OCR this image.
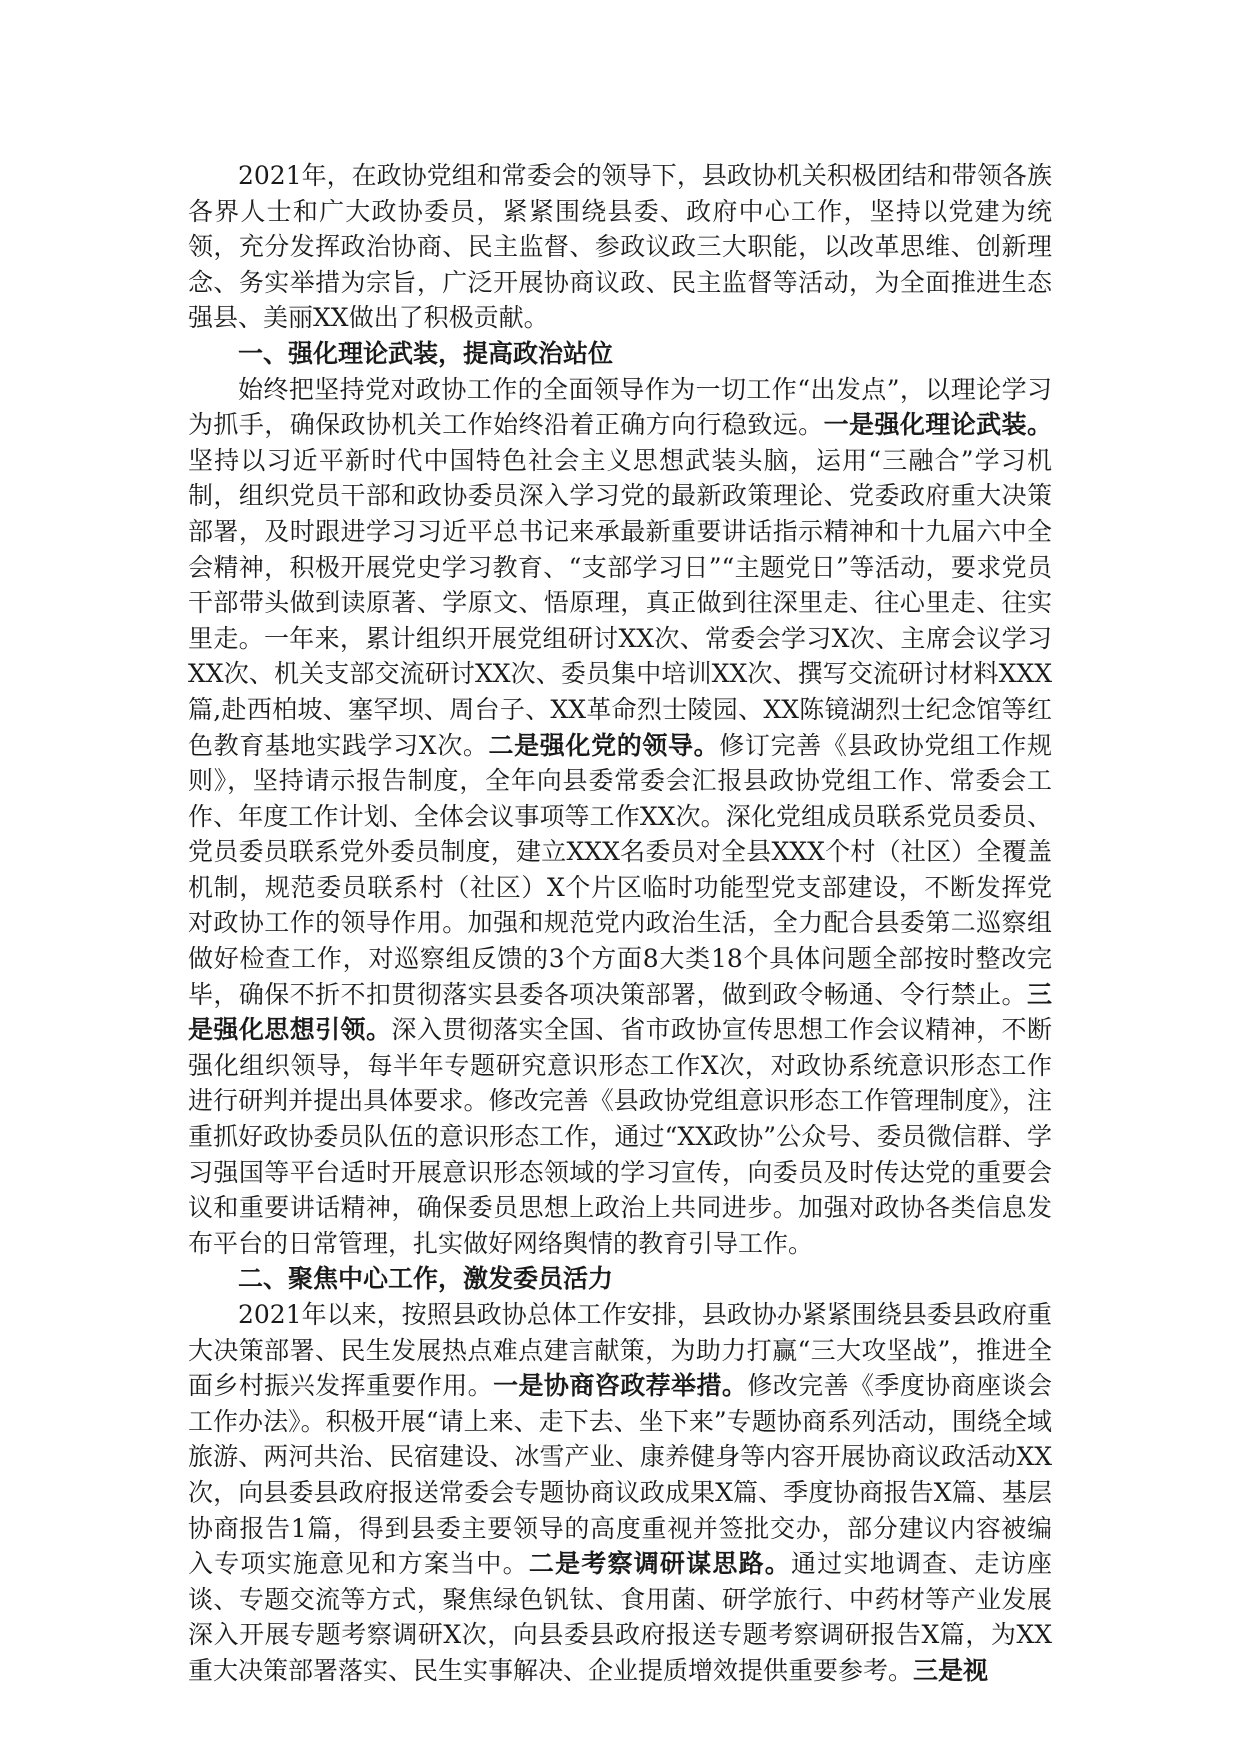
2021年，在政协党组和常委会的领导下，县政协机关积极团结和带领各族各界人士和广大政协委员，紧紧围绕县委、政府中心工作，坚持以党建为统领，充分发挥政治协商、民主监督、参政议政三大职能，以改革思维、创新理念、务实举措为宗旨，广泛开展协商议政、民主监督等活动，为全面推进生态强县、美丽XX做出了积极贡献。

一、强化理论武装，提高政治站位

始终把坚持党对政协工作的全面领导作为一切工作“出发点”，以理论学习为抓手，确保政协机关工作始终沿着正确方向行稳致远。一是强化理论武装。坚持以习近平新时代中国特色社会主义思想武装头脑，运用“三融合”学习机制，组织党员干部和政协委员深入学习党的最新政策理论、党委政府重大决策部署，及时跟进学习习近平总书记来承最新重要讲话指示精神和十九届六中全会精神，积极开展党史学习教育、“支部学习日”“主题党日”等活动，要求党员干部带头做到读原著、学原文、悟原理，真正做到往深里走、往心里走、往实里走。一年来，累计组织开展党组研讨XX次、常委会学习X次、主席会议学习XX次、机关支部交流研讨XX次、委员集中培训XX次、撰写交流研讨材料XXX篇,赴西柏坡、塞罕坝、周台子、XX革命烈士陵园、XX陈镜湖烈士纪念馆等红色教育基地实践学习X次。二是强化党的领导。修订完善《县政协党组工作规则》，坚持请示报告制度，全年向县委常委会汇报县政协党组工作、常委会工作、年度工作计划、全体会议事项等工作XX次。深化党组成员联系党员委员、党员委员联系党外委员制度，建立XXX名委员对全县XXX个村（社区）全覆盖机制，规范委员联系村（社区）X个片区临时功能型党支部建设，不断发挥党对政协工作的领导作用。加强和规范党内政治生活，全力配合县委第二巡察组做好检查工作，对巡察组反馈的3个方面8大类18个具体问题全部按时整改完毕，确保不折不扣贯彻落实县委各项决策部署，做到政令畅通、令行禁止。三是强化思想引领。深入贯彻落实全国、省市政协宣传思想工作会议精神，不断强化组织领导，每半年专题研究意识形态工作X次，对政协系统意识形态工作进行研判并提出具体要求。修改完善《县政协党组意识形态工作管理制度》，注重抓好政协委员队伍的意识形态工作，通过“XX政协”公众号、委员微信群、学习强国等平台适时开展意识形态领域的学习宣传，向委员及时传达党的重要会议和重要讲话精神，确保委员思想上政治上共同进步。加强对政协各类信息发布平台的日常管理，扎实做好网络舆情的教育引导工作。

二、聚焦中心工作，激发委员活力

2021年以来，按照县政协总体工作安排，县政协办紧紧围绕县委县政府重大决策部署、民生发展热点难点建言献策，为助力打赢“三大攻坚战”，推进全面乡村振兴发挥重要作用。一是协商咨政荐举措。修改完善《季度协商座谈会工作办法》。积极开展“请上来、走下去、坐下来”专题协商系列活动，围绕全域旅游、两河共治、民宿建设、冰雪产业、康养健身等内容开展协商议政活动XX次，向县委县政府报送常委会专题协商议政成果X篇、季度协商报告X篇、基层协商报告1篇，得到县委主要领导的高度重视并签批交办，部分建议内容被编入专项实施意见和方案当中。二是考察调研谋思路。通过实地调查、走访座谈、专题交流等方式，聚焦绿色钒钛、食用菌、研学旅行、中药材等产业发展深入开展专题考察调研X次，向县委县政府报送专题考察调研报告X篇，为XX重大决策部署落实、民生实事解决、企业提质增效提供重要参考。三是视
